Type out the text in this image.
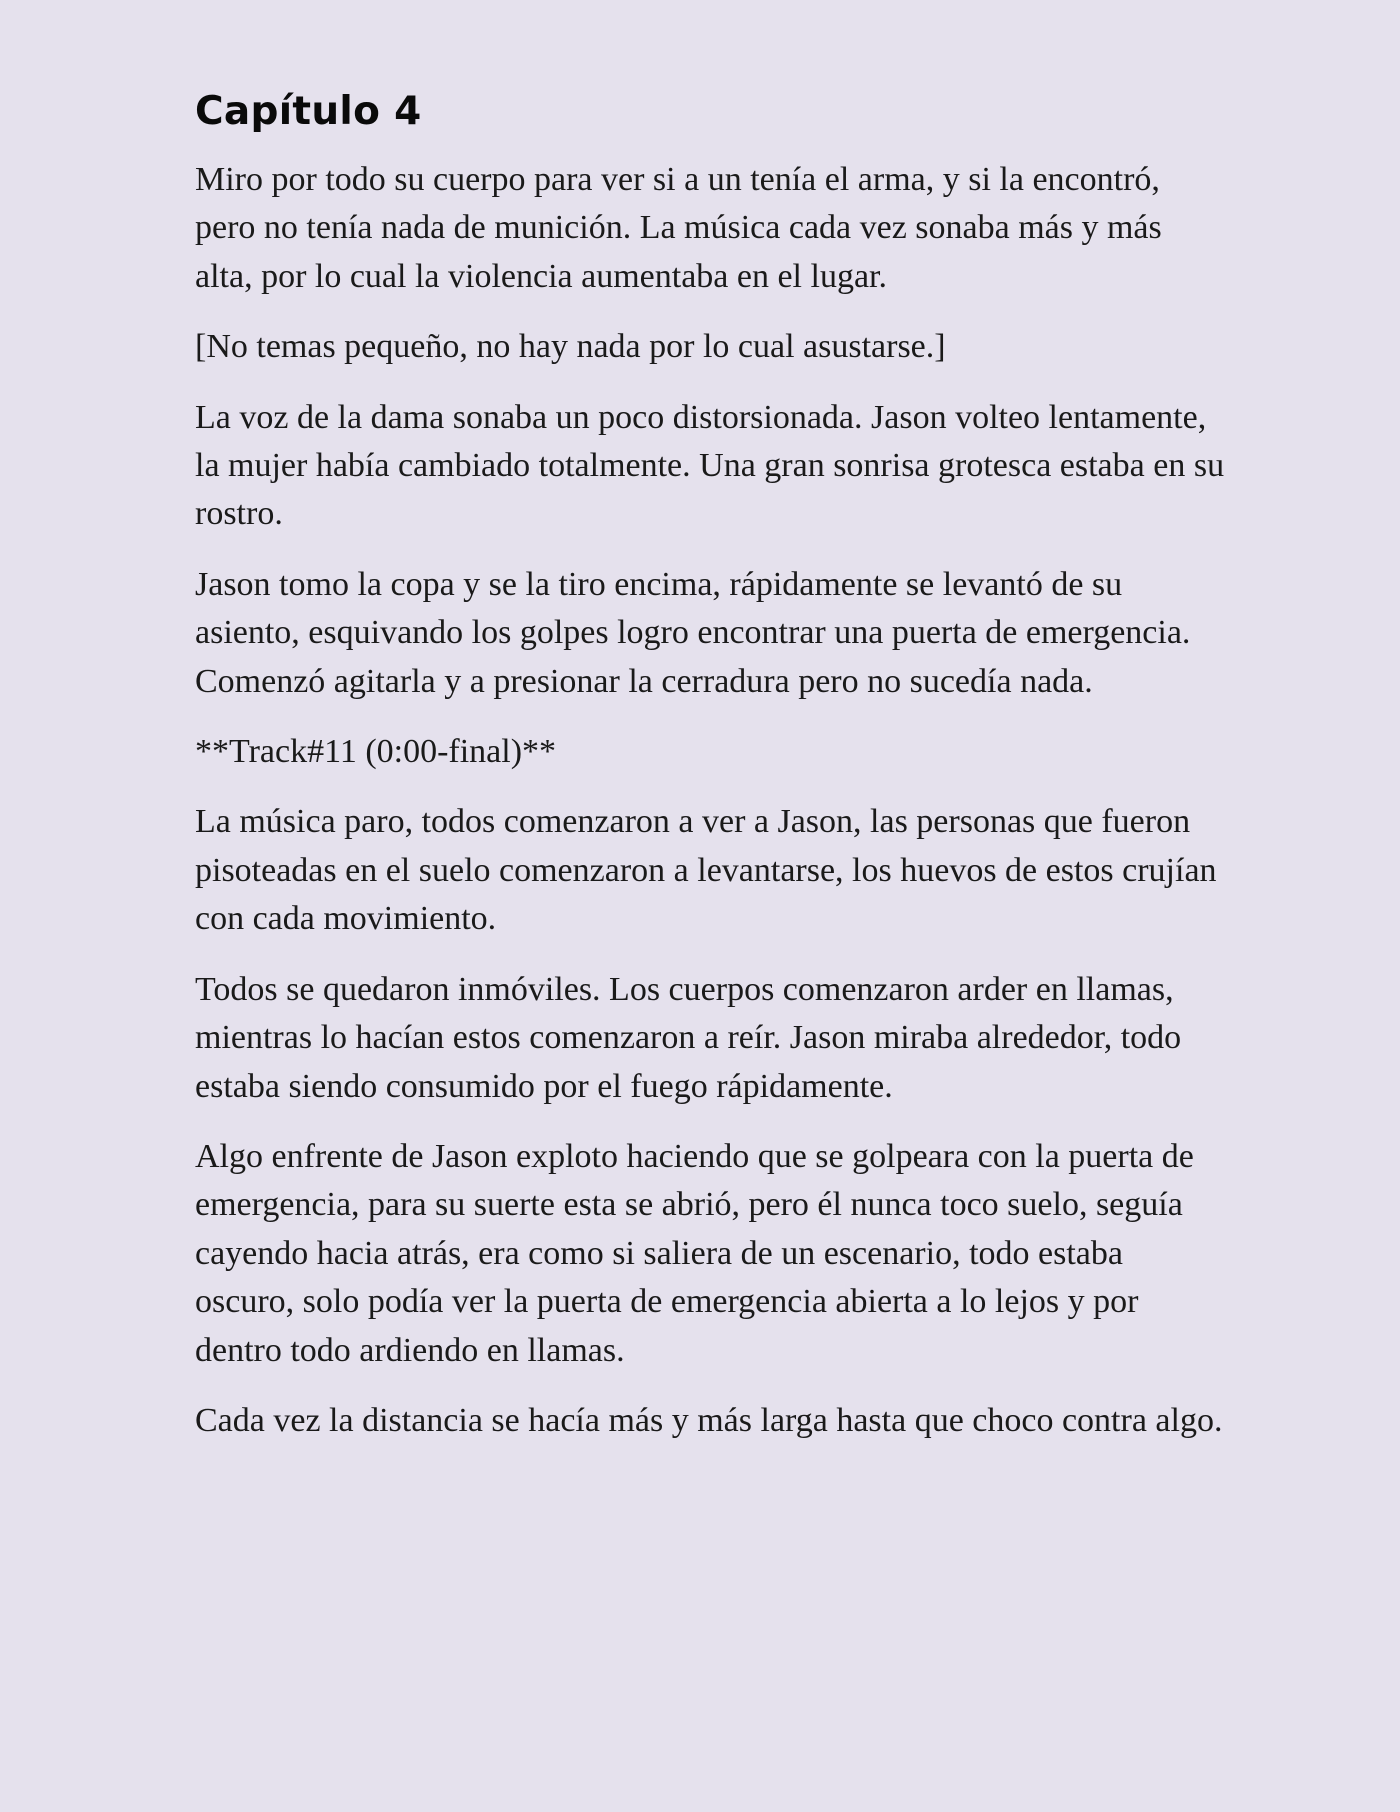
Capítulo 4

Miro por todo su cuerpo para ver si a un tenía el arma, y si la encontró, pero no tenía nada de munición. La música cada vez sonaba más y más alta, por lo cual la violencia aumentaba en el lugar.

[No temas pequeño, no hay nada por lo cual asustarse.]

La voz de la dama sonaba un poco distorsionada. Jason volteo lentamente, la mujer había cambiado totalmente. Una gran sonrisa grotesca estaba en su rostro.

Jason tomo la copa y se la tiro encima, rápidamente se levantó de su asiento, esquivando los golpes logro encontrar una puerta de emergencia. Comenzó agitarla y a presionar la cerradura pero no sucedía nada.

**Track#11 (0:00-final)**

La música paro, todos comenzaron a ver a Jason, las personas que fueron pisoteadas en el suelo comenzaron a levantarse, los huevos de estos crujían con cada movimiento.

Todos se quedaron inmóviles. Los cuerpos comenzaron arder en llamas, mientras lo hacían estos comenzaron a reír. Jason miraba alrededor, todo estaba siendo consumido por el fuego rápidamente.

Algo enfrente de Jason exploto haciendo que se golpeara con la puerta de emergencia, para su suerte esta se abrió, pero él nunca toco suelo, seguía cayendo hacia atrás, era como si saliera de un escenario, todo estaba oscuro, solo podía ver la puerta de emergencia abierta a lo lejos y por dentro todo ardiendo en llamas.

Cada vez la distancia se hacía más y más larga hasta que choco contra algo.
